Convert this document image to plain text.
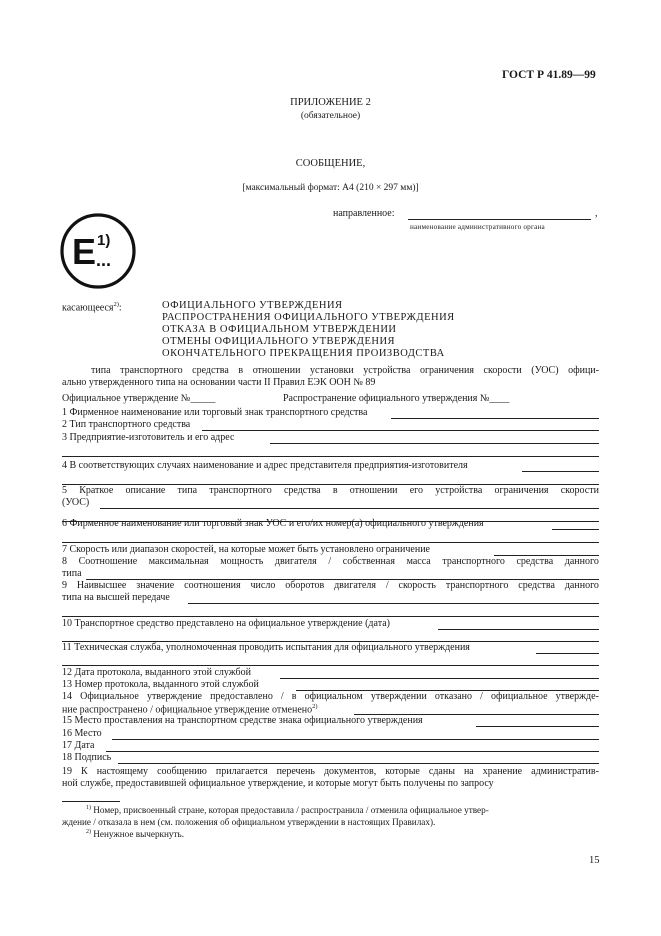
ГОСТ Р 41.89—99
ПРИЛОЖЕНИЕ 2
(обязательное)
СООБЩЕНИЕ,
[максимальный формат: А4 (210 × 297 мм)]
E 1)
...
направленное:	,
наименование административного органа
касающееся$^{2)}$:	ОФИЦИАЛЬНОГО УТВЕРЖДЕНИЯ
РАСПРОСТРАНЕНИЯ ОФИЦИАЛЬНОГО УТВЕРЖДЕНИЯ
ОТКАЗА В ОФИЦИАЛЬНОМ УТВЕРЖДЕНИИ
ОТМЕНЫ ОФИЦИАЛЬНОГО УТВЕРЖДЕНИЯ
ОКОНЧАТЕЛЬНОГО ПРЕКРАЩЕНИЯ ПРОИЗВОДСТВА
типа транспортного средства в отношении установки устройства ограничения скорости (УОС) офици-
ально утвержденного типа на основании части II Правил ЕЭК ООН № 89
Официальное утверждение №_____	Распространение официального утверждения №____
1 Фирменное наименование или торговый знак транспортного средства
2 Тип транспортного средства
3 Предприятие-изготовитель и его адрес
4 В соответствующих случаях наименование и адрес представителя предприятия-изготовителя
5 Краткое описание типа транспортного средства в отношении его устройства ограничения скорости
(УОС)
6 Фирменное наименование или торговый знак УОС и его/их номер(а) официального утверждения
7 Скорость или диапазон скоростей, на которые может быть установлено ограничение
8 Соотношение максимальная мощность двигателя / собственная масса транспортного средства данного
типа
9 Наивысшее значение соотношения число оборотов двигателя / скорость транспортного средства данного
типа на высшей передаче
10 Транспортное средство представлено на официальное утверждение (дата)
11 Техническая служба, уполномоченная проводить испытания для официального утверждения
12 Дата протокола, выданного этой службой
13 Номер протокола, выданного этой службой
14 Официальное утверждение предоставлено / в официальном утверждении отказано / официальное утвержде-
ние распространено / официальное утверждение отменено$^{2)}$
15 Место проставления на транспортном средстве знака официального утверждения
16 Место
17 Дата
18 Подпись
19 К настоящему сообщению прилагается перечень документов, которые сданы на хранение административ-
ной службе, предоставившей официальное утверждение, и которые могут быть получены по запросу
$^{1)}$ Номер, присвоенный стране, которая предоставила / распространила / отменила официальное утвер-
ждение / отказала в нем (см. положения об официальном утверждении в настоящих Правилах).
$^{2)}$ Ненужное вычеркнуть.
15
